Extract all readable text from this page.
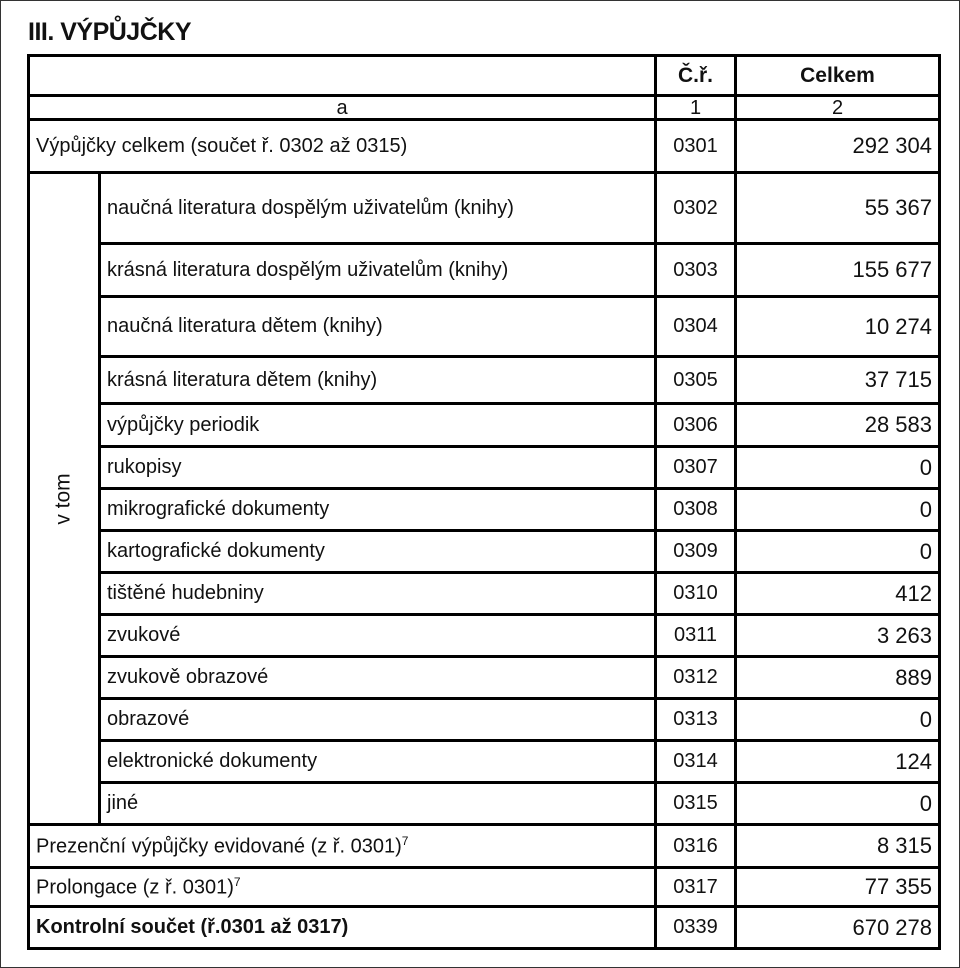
III. VÝPŮJČKY
		Č.ř.	Celkem
a		1	2
Výpůjčky celkem (součet ř. 0302 až 0315)		0301	292 304
v tom	naučná literatura dospělým uživatelům (knihy)	0302	55 367
	krásná literatura dospělým uživatelům (knihy)	0303	155 677
	naučná literatura dětem (knihy)	0304	10 274
	krásná literatura dětem (knihy)	0305	37 715
	výpůjčky periodik	0306	28 583
	rukopisy	0307	0
	mikrografické dokumenty	0308	0
	kartografické dokumenty	0309	0
	tištěné hudebniny	0310	412
	zvukové	0311	3 263
	zvukově obrazové	0312	889
	obrazové	0313	0
	elektronické dokumenty	0314	124
	jiné	0315	0
Prezenční výpůjčky evidované (z ř. 0301)$^7$		0316	8 315
Prolongace (z ř. 0301)$^7$		0317	77 355
Kontrolní součet (ř.0301 až 0317)		0339	670 278
